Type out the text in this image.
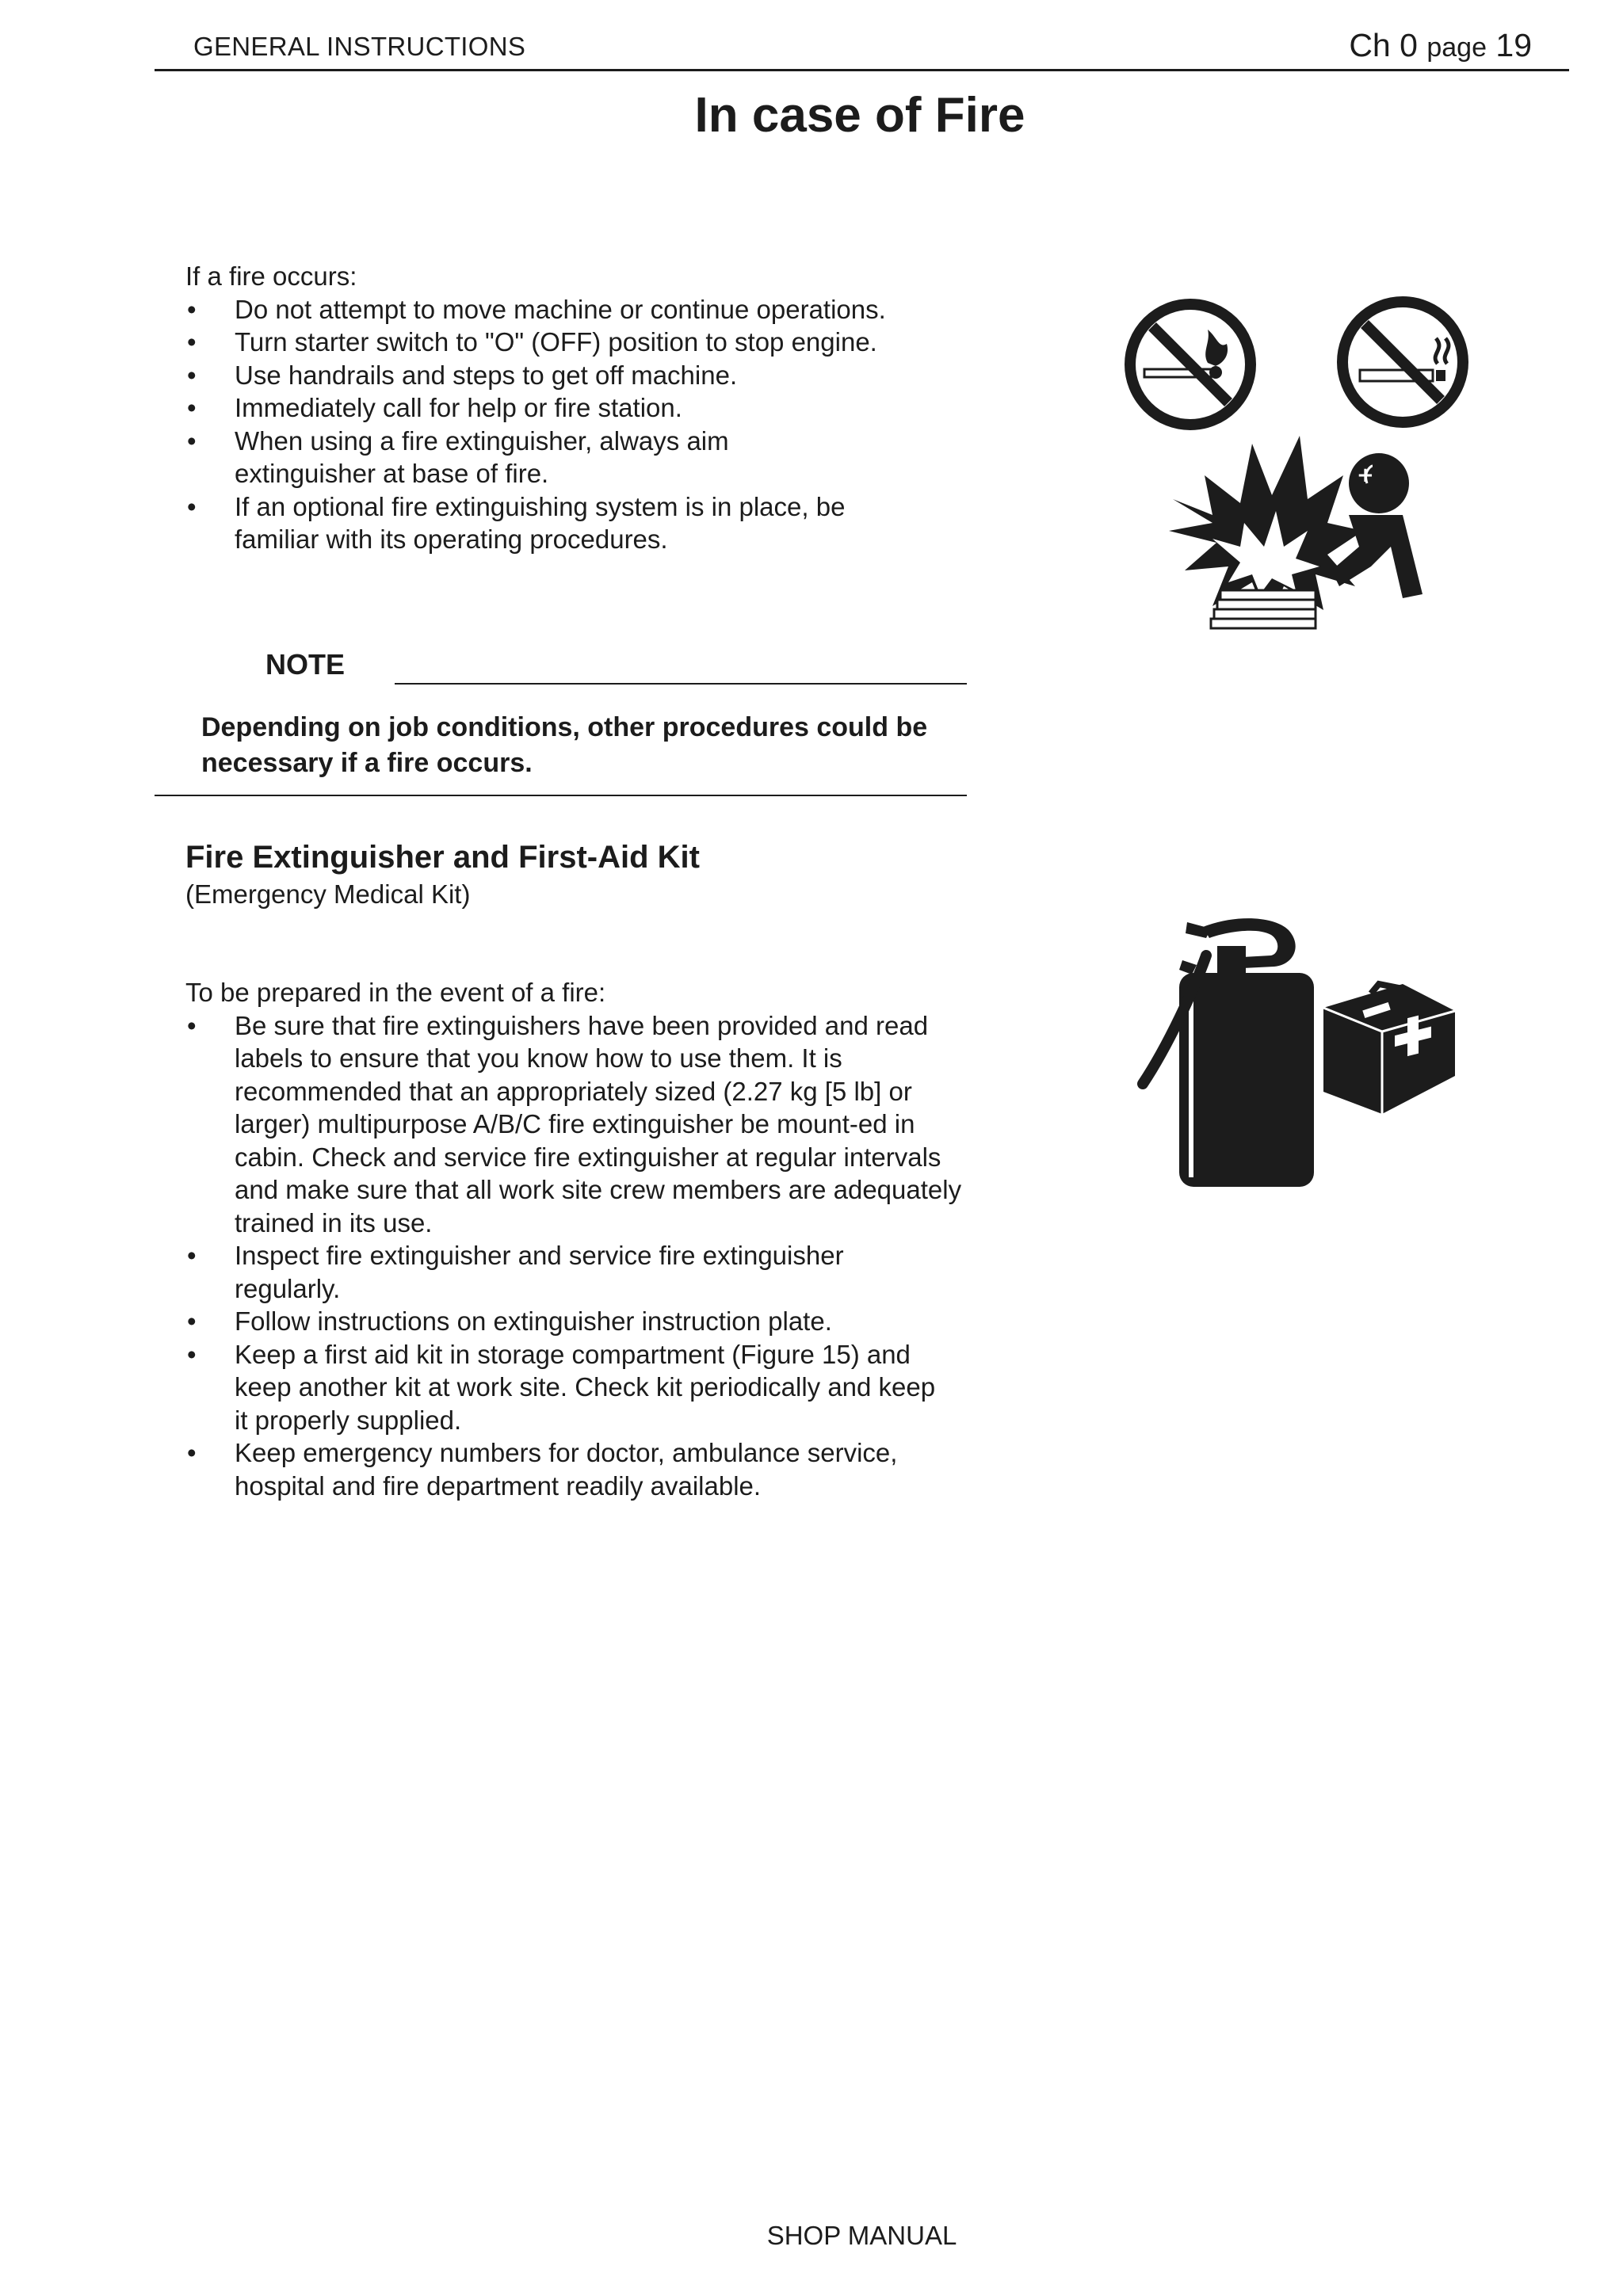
GENERAL INSTRUCTIONS	Ch 0 page 19
In case of Fire
If a fire occurs:
• Do not attempt to move machine or continue operations.
• Turn starter switch to "O" (OFF) position to stop engine.
• Use handrails and steps to get off machine.
• Immediately call for help or fire station.
• When using a fire extinguisher, always aim extinguisher at base of fire.
• If an optional fire extinguishing system is in place, be familiar with its operating procedures.
NOTE
Depending on job conditions, other procedures could be
necessary if a fire occurs.
Fire Extinguisher and First-Aid Kit
(Emergency Medical Kit)
To be prepared in the event of a fire:
• Be sure that fire extinguishers have been provided and read labels to ensure that you know how to use them. It is recommended that an appropriately sized (2.27 kg [5 lb] or larger) multipurpose A/B/C fire extinguisher be mount-ed in cabin. Check and service fire extinguisher at regular intervals and make sure that all work site crew members are adequately trained in its use.
• Inspect fire extinguisher and service fire extinguisher regularly.
• Follow instructions on extinguisher instruction plate.
• Keep a first aid kit in storage compartment (Figure 15) and keep another kit at work site. Check kit periodically and keep it properly supplied.
• Keep emergency numbers for doctor, ambulance service, hospital and fire department readily available.
+
SHOP MANUAL
